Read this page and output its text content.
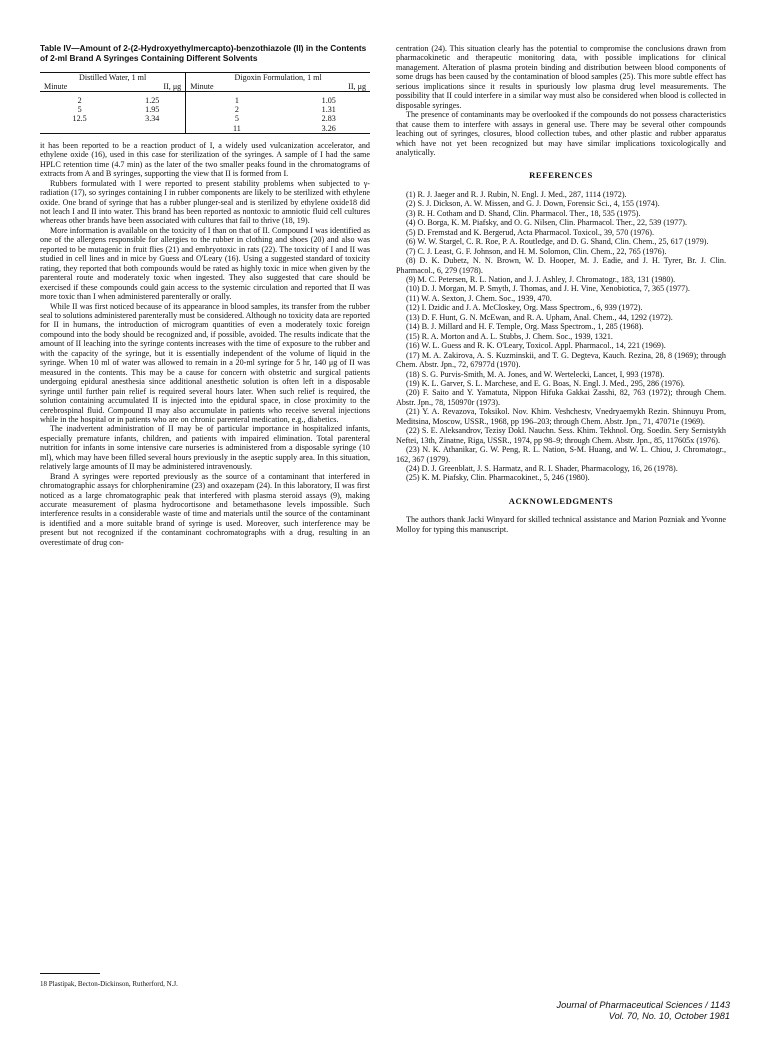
Table IV—Amount of 2-(2-Hydroxyethylmercapto)-benzothiazole (II) in the Contents of 2-ml Brand A Syringes Containing Different Solvents
Distilled Water, 1 ml		Digoxin Formulation, 1 ml	
Minute	II, μg	Minute	II, μg

2	1.25	1	1.05
5	1.95	2	1.31
12.5	3.34	5	2.83
		11	3.26

it has been reported to be a reaction product of I, a widely used vulcanization accelerator, and ethylene oxide (16), used in this case for sterilization of the syringes. A sample of I had the same HPLC retention time (4.7 min) as the later of the two smaller peaks found in the chromatograms of extracts from A and B syringes, supporting the view that II is formed from I.

Rubbers formulated with I were reported to present stability problems when subjected to γ-radiation (17), so syringes containing I in rubber components are likely to be sterilized with ethylene oxide. One brand of syringe that has a rubber plunger-seal and is sterilized by ethylene oxide18 did not leach I and II into water. This brand has been reported as nontoxic to amniotic fluid cell cultures whereas other brands have been associated with cultures that fail to thrive (18, 19).

More information is available on the toxicity of I than on that of II. Compound I was identified as one of the allergens responsible for allergies to the rubber in clothing and shoes (20) and also was reported to be mutagenic in fruit flies (21) and embryotoxic in rats (22). The toxicity of I and II was studied in cell lines and in mice by Guess and O'Leary (16). Using a suggested standard of toxicity rating, they reported that both compounds would be rated as highly toxic in mice when given by the parenteral route and moderately toxic when ingested. They also suggested that care should be exercised if these compounds could gain access to the systemic circulation and reported that II was more toxic than I when administered parenterally or orally.

While II was first noticed because of its appearance in blood samples, its transfer from the rubber seal to solutions administered parenterally must be considered. Although no toxicity data are reported for II in humans, the introduction of microgram quantities of even a moderately toxic foreign compound into the body should be recognized and, if possible, avoided. The results indicate that the amount of II leaching into the syringe contents increases with the time of exposure to the rubber and with the capacity of the syringe, but it is essentially independent of the volume of liquid in the syringe. When 10 ml of water was allowed to remain in a 20-ml syringe for 5 hr, 140 μg of II was measured in the contents. This may be a cause for concern with obstetric and surgical patients undergoing epidural anesthesia since additional anesthetic solution is often left in a disposable syringe until further pain relief is required several hours later. When such relief is required, the solution containing accumulated II is injected into the epidural space, in close proximity to the cerebrospinal fluid. Compound II may also accumulate in patients who receive several injections while in the hospital or in patients who are on chronic parenteral medication, e.g., diabetics.

The inadvertent administration of II may be of particular importance in hospitalized infants, especially premature infants, children, and patients with impaired elimination. Total parenteral nutrition for infants in some intensive care nurseries is administered from a disposable syringe (10 ml), which may have been filled several hours previously in the aseptic supply area. In this situation, relatively large amounts of II may be administered intravenously.

Brand A syringes were reported previously as the source of a contaminant that interfered in chromatographic assays for chlorpheniramine (23) and oxazepam (24). In this laboratory, II was first noticed as a large chromatographic peak that interfered with plasma steroid assays (9), making accurate measurement of plasma hydrocortisone and betamethasone levels impossible. Such interference results in a considerable waste of time and materials until the source of the contaminant is identified and a more suitable brand of syringe is used. Moreover, such interference may be present but not recognized if the contaminant cochromatographs with a drug, resulting in an overestimate of drug con-

18 Plastipak, Becton-Dickinson, Rutherford, N.J.

centration (24). This situation clearly has the potential to compromise the conclusions drawn from pharmacokinetic and therapeutic monitoring data, with possible implications for clinical management. Alteration of plasma protein binding and distribution between blood components of some drugs has been caused by the contamination of blood samples (25). This more subtle effect has serious implications since it results in spuriously low plasma drug level measurements. The possibility that II could interfere in a similar way must also be considered when blood is collected in disposable syringes.

The presence of contaminants may be overlooked if the compounds do not possess characteristics that cause them to interfere with assays in general use. There may be several other compounds leaching out of syringes, closures, blood collection tubes, and other plastic and rubber apparatus which have not yet been recognized but may have similar implications toxicologically and analytically.

REFERENCES

(1) R. J. Jaeger and R. J. Rubin, N. Engl. J. Med., 287, 1114 (1972).

(2) S. J. Dickson, A. W. Missen, and G. J. Down, Forensic Sci., 4, 155 (1974).

(3) R. H. Cotham and D. Shand, Clin. Pharmacol. Ther., 18, 535 (1975).

(4) O. Borga, K. M. Piafsky, and O. G. Nilsen, Clin. Pharmacol. Ther., 22, 539 (1977).

(5) D. Fremstad and K. Bergerud, Acta Pharmacol. Toxicol., 39, 570 (1976).

(6) W. W. Stargel, C. R. Roe, P. A. Routledge, and D. G. Shand, Clin. Chem., 25, 617 (1979).

(7) C. J. Least, G. F. Johnson, and H. M. Solomon, Clin. Chem., 22, 765 (1976).

(8) D. K. Dubetz, N. N. Brown, W. D. Hooper, M. J. Eadie, and J. H. Tyrer, Br. J. Clin. Pharmacol., 6, 279 (1978).

(9) M. C. Petersen, R. L. Nation, and J. J. Ashley, J. Chromatogr., 183, 131 (1980).

(10) D. J. Morgan, M. P. Smyth, J. Thomas, and J. H. Vine, Xenobiotica, 7, 365 (1977).

(11) W. A. Sexton, J. Chem. Soc., 1939, 470.

(12) I. Dzidic and J. A. McCloskey, Org. Mass Spectrom., 6, 939 (1972).

(13) D. F. Hunt, G. N. McEwan, and R. A. Upham, Anal. Chem., 44, 1292 (1972).

(14) B. J. Millard and H. F. Temple, Org. Mass Spectrom., 1, 285 (1968).

(15) R. A. Morton and A. L. Stubbs, J. Chem. Soc., 1939, 1321.

(16) W. L. Guess and R. K. O'Leary, Toxicol. Appl. Pharmacol., 14, 221 (1969).

(17) M. A. Zakirova, A. S. Kuzminskii, and T. G. Degteva, Kauch. Rezina, 28, 8 (1969); through Chem. Abstr. Jpn., 72, 67977d (1970).

(18) S. G. Purvis-Smith, M. A. Jones, and W. Wertelecki, Lancet, I, 993 (1978).

(19) K. L. Garver, S. L. Marchese, and E. G. Boas, N. Engl. J. Med., 295, 286 (1976).

(20) F. Saito and Y. Yamatuta, Nippon Hifuka Gakkai Zasshi, 82, 763 (1972); through Chem. Abstr. Jpn., 78, 150970r (1973).

(21) Y. A. Revazova, Toksikol. Nov. Khim. Veshchestv, Vnedryaemykh Rezin. Shinnuyu Prom, Meditsina, Moscow, USSR., 1968, pp 196–203; through Chem. Abstr. Jpn., 71, 47071e (1969).

(22) S. E. Aleksandrov, Tezisy Dokl. Nauchn. Sess. Khim. Tekhnol. Org. Soedin. Sery Sernistykh Neftei, 13th, Zinatne, Riga, USSR., 1974, pp 98–9; through Chem. Abstr. Jpn., 85, 117605x (1976).

(23) N. K. Athanikar, G. W. Peng, R. L. Nation, S-M. Huang, and W. L. Chiou, J. Chromatogr., 162, 367 (1979).

(24) D. J. Greenblatt, J. S. Harmatz, and R. I. Shader, Pharmacology, 16, 26 (1978).

(25) K. M. Piafsky, Clin. Pharmacokinet., 5, 246 (1980).

ACKNOWLEDGMENTS

The authors thank Jacki Winyard for skilled technical assistance and Marion Pozniak and Yvonne Molloy for typing this manuscript.

Journal of Pharmaceutical Sciences / 1143
Vol. 70, No. 10, October 1981
